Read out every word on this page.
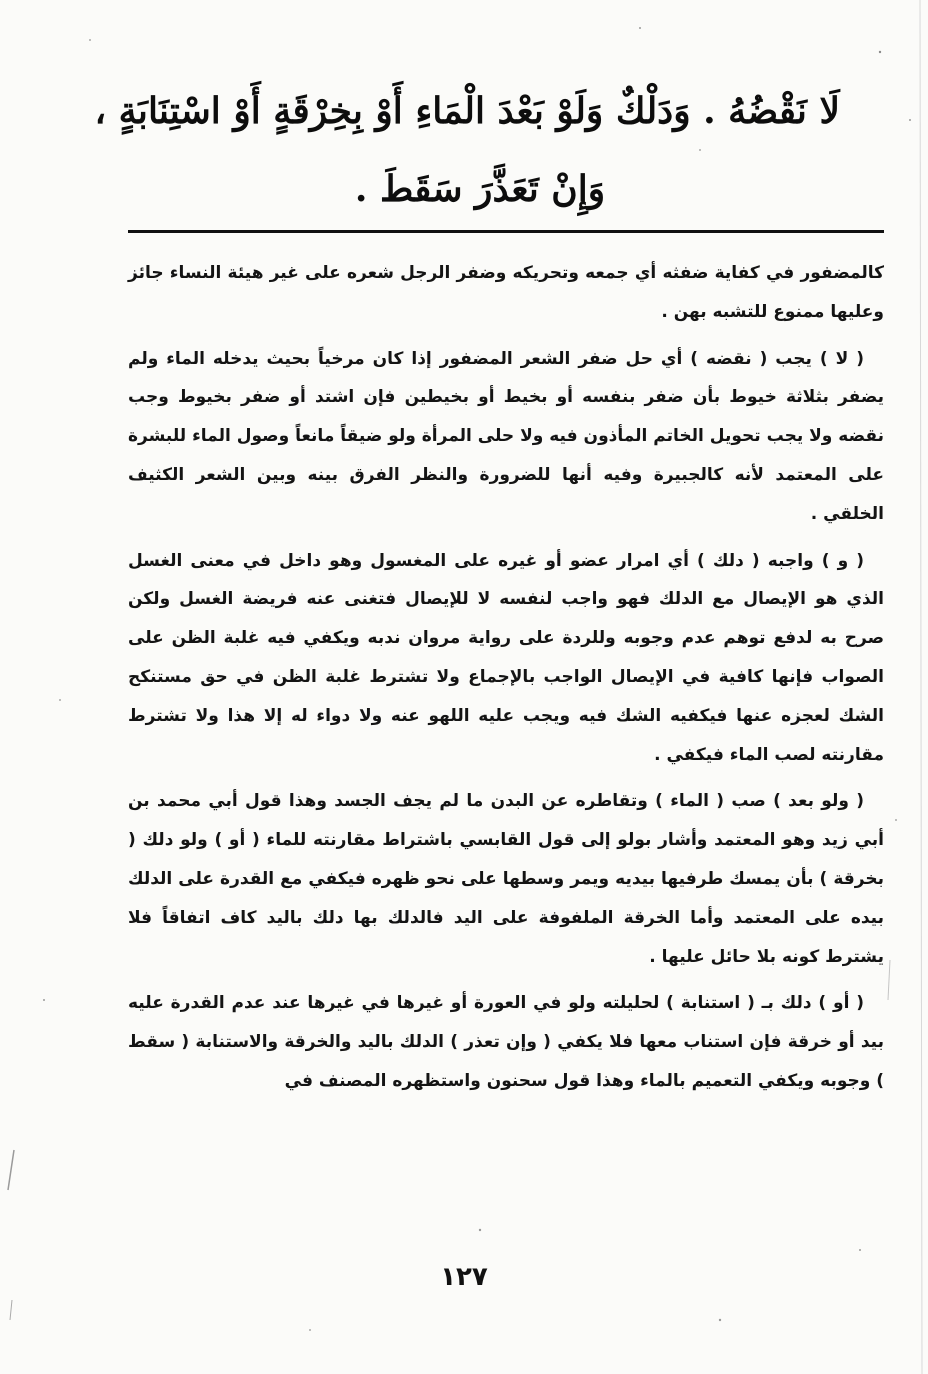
لَا نَقْضُهُ . وَدَلْكٌ وَلَوْ بَعْدَ الْمَاءِ أَوْ بِخِرْقَةٍ أَوْ اسْتِنَابَةٍ ،
وَإِنْ تَعَذَّرَ سَقَطَ .

كالمضفور في كفاية ضفثه أي جمعه وتحريكه وضفر الرجل شعره على غير هيئة النساء جائز وعليها ممنوع للتشبه بهن .

( لا ) يجب ( نقضه ) أي حل ضفر الشعر المضفور إذا كان مرخياً بحيث يدخله الماء ولم يضفر بثلاثة خيوط بأن ضفر بنفسه أو بخيط أو بخيطين فإن اشتد أو ضفر بخيوط وجب نقضه ولا يجب تحويل الخاتم المأذون فيه ولا حلى المرأة ولو ضيقاً مانعاً وصول الماء للبشرة على المعتمد لأنه كالجبيرة وفيه أنها للضرورة والنظر الفرق بينه وبين الشعر الكثيف الخلقي .

( و ) واجبه ( دلك ) أي امرار عضو أو غيره على المغسول وهو داخل في معنى الغسل الذي هو الإيصال مع الدلك فهو واجب لنفسه لا للإيصال فتغنى عنه فريضة الغسل ولكن صرح به لدفع توهم عدم وجوبه وللردة على رواية مروان ندبه ويكفي فيه غلبة الظن على الصواب فإنها كافية في الإيصال الواجب بالإجماع ولا تشترط غلبة الظن في حق مستنكح الشك لعجزه عنها فيكفيه الشك فيه ويجب عليه اللهو عنه ولا دواء له إلا هذا ولا تشترط مقارنته لصب الماء فيكفي .

( ولو بعد ) صب ( الماء ) وتقاطره عن البدن ما لم يجف الجسد وهذا قول أبي محمد بن أبي زيد وهو المعتمد وأشار بولو إلى قول القابسي باشتراط مقارنته للماء ( أو ) ولو دلك ( بخرقة ) بأن يمسك طرفيها بيديه ويمر وسطها على نحو ظهره فيكفي مع القدرة على الدلك بيده على المعتمد وأما الخرقة الملفوفة على اليد فالدلك بها دلك باليد كاف اتفاقاً فلا يشترط كونه بلا حائل عليها .

( أو ) دلك بـ ( استنابة ) لحليلته ولو في العورة أو غيرها في غيرها عند عدم القدرة عليه بيد أو خرقة فإن استناب معها فلا يكفي ( وإن تعذر ) الدلك باليد والخرقة والاستنابة ( سقط ) وجوبه ويكفي التعميم بالماء وهذا قول سحنون واستظهره المصنف في

١٢٧
